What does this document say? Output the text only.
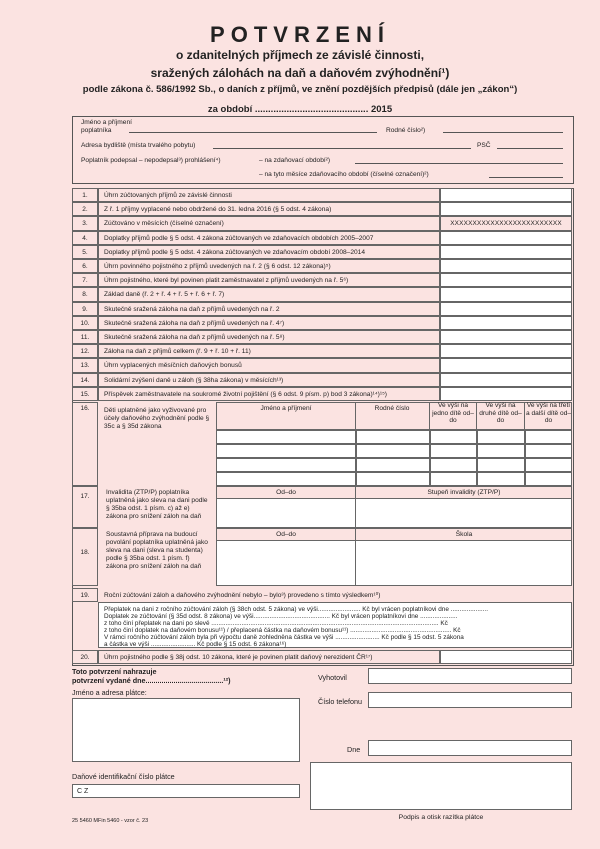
POTVRZENÍ
o zdanitelných příjmech ze závislé činnosti,
sražených zálohách na daň a daňovém zvýhodnění¹)
podle zákona č. 586/1992 Sb., o daních z příjmů, ve znění pozdějších předpisů (dále jen „zákon“)
za období ........................................... 2015
Jméno a příjmení
poplatníka	Rodné číslo²)
Adresa bydliště (místa trvalého pobytu)	PSČ
Poplatník podepsal – nepodepsal³) prohlášení⁴)	– na zdaňovací období²)
– na tyto měsíce zdaňovacího období (číselné označení)²)
1.	Úhrn zúčtovaných příjmů ze závislé činnosti
2.	Z ř. 1 příjmy vyplacené nebo obdržené do 31. ledna 2016 (§ 5 odst. 4 zákona)
3.	Zúčtováno v měsících (číselné označení)	XXXXXXXXXXXXXXXXXXXXXXXXX
4.	Doplatky příjmů podle § 5 odst. 4 zákona zúčtovaných ve zdaňovacích obdobích 2005–2007
5.	Doplatky příjmů podle § 5 odst. 4 zákona zúčtovaných ve zdaňovacím období 2008–2014
6.	Úhrn povinného pojistného z příjmů uvedených na ř. 2 (§ 6 odst. 12 zákona)⁵)
7.	Úhrn pojistného, které byl povinen platit zaměstnavatel z příjmů uvedených na ř. 5⁶)
8.	Základ daně (ř. 2 + ř. 4 + ř. 5 + ř. 6 + ř. 7)
9.	Skutečně sražená záloha na daň z příjmů uvedených na ř. 2
10.	Skutečně sražená záloha na daň z příjmů uvedených na ř. 4⁷)
11.	Skutečně sražená záloha na daň z příjmů uvedených na ř. 5⁸)
12.	Záloha na daň z příjmů celkem (ř. 9 + ř. 10 + ř. 11)
13.	Úhrn vyplacených měsíčních daňových bonusů
14.	Solidární zvýšení daně u záloh (§ 38ha zákona) v měsících¹³)
15.	Příspěvek zaměstnavatele na soukromé životní pojištění (§ 6 odst. 9 písm. p) bod 3 zákona)¹⁴)¹⁵)
16.	Děti uplatněné jako vyživované pro účely daňového zvýhodnění podle § 35c a § 35d zákona
Jméno a příjmení	Rodné číslo	Ve výši na jedno dítě od–do
Ve výši na druhé dítě od–do
Ve výši na třetí a další dítě od–do
17.
Invalidita (ZTP/P) poplatníka uplatněná jako sleva na dani podle § 35ba odst. 1 písm. c) až e) zákona pro snížení záloh na daň
Od–do	Stupeň invalidity (ZTP/P)
18.
Soustavná příprava na budoucí povolání poplatníka uplatněná jako sleva na dani (sleva na studenta) podle § 35ba odst. 1 písm. f) zákona pro snížení záloh na daň
Od–do	Škola
19.	Roční zúčtování záloh a daňového zvýhodnění nebylo – bylo³) provedeno s tímto výsledkem¹⁰)
Přeplatek na dani z ročního zúčtování záloh (§ 38ch odst. 5 zákona) ve výši........................ Kč byl vrácen poplatníkovi dne .....................
Doplatek ze zúčtování (§ 35d odst. 8 zákona) ve výši........................................... Kč byl vrácen poplatníkovi dne .....................
z toho činí přeplatek na dani po slevě ................................................................................................................................ Kč
z toho činí doplatek na daňovém bonusu¹¹) / přeplacená částka na daňovém bonusu¹¹) ......................................................... Kč
V rámci ročního zúčtování záloh byla při výpočtu daně zohledněna částka ve výši ......................... Kč podle § 15 odst. 5 zákona
a částka ve výši ......................... Kč podle § 15 odst. 6 zákona¹⁶)
20.	Úhrn pojistného podle § 38j odst. 10 zákona, které je povinen platit daňový nerezident ČR¹⁷)
Toto potvrzení nahrazuje
potvrzení vydané dne.......................................¹²)
Jméno a adresa plátce:
Daňové identifikační číslo plátce
C Z
25 5460 MFin 5460 - vzor č. 23
Vyhotovil
Číslo telefonu
Dne
Podpis a otisk razítka plátce
